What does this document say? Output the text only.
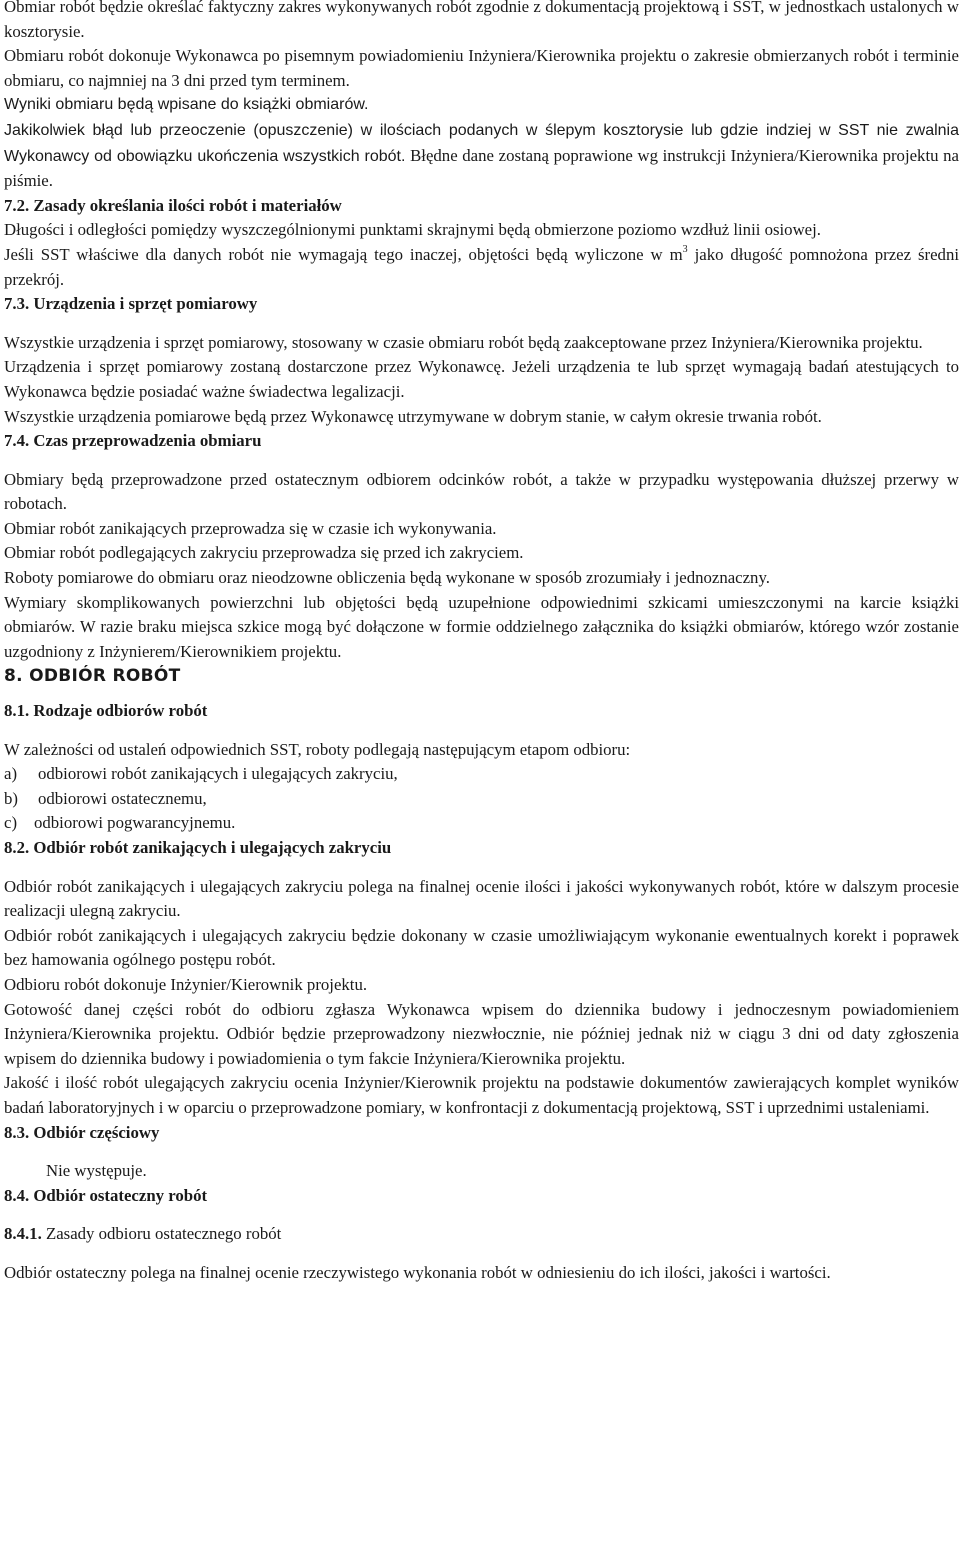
Obmiar robót będzie określać faktyczny zakres wykonywanych robót zgodnie z dokumentacją projektową i SST, w jednostkach ustalonych w kosztorysie.

Obmiaru robót dokonuje Wykonawca po pisemnym powiadomieniu Inżyniera/Kierownika projektu o zakresie obmierzanych robót i terminie obmiaru, co najmniej na 3 dni przed tym terminem.

Wyniki obmiaru będą wpisane do książki obmiarów.

Jakikolwiek błąd lub przeoczenie (opuszczenie) w ilościach podanych w ślepym kosztorysie lub gdzie indziej w SST nie zwalnia Wykonawcy od obowiązku ukończenia wszystkich robót. Błędne dane zostaną poprawione wg instrukcji Inżyniera/Kierownika projektu na piśmie.

7.2. Zasady określania ilości robót i materiałów

Długości i odległości pomiędzy wyszczególnionymi punktami skrajnymi będą obmierzone poziomo wzdłuż linii osiowej.

Jeśli SST właściwe dla danych robót nie wymagają tego inaczej, objętości będą wyliczone w $m^3$ jako długość pomnożona przez średni przekrój.

7.3. Urządzenia i sprzęt pomiarowy

Wszystkie urządzenia i sprzęt pomiarowy, stosowany w czasie obmiaru robót będą zaakceptowane przez Inżyniera/Kierownika projektu.

Urządzenia i sprzęt pomiarowy zostaną dostarczone przez Wykonawcę. Jeżeli urządzenia te lub sprzęt wymagają badań atestujących to Wykonawca będzie posiadać ważne świadectwa legalizacji.

Wszystkie urządzenia pomiarowe będą przez Wykonawcę utrzymywane w dobrym stanie, w całym okresie trwania robót.

7.4. Czas przeprowadzenia obmiaru

Obmiary będą przeprowadzone przed ostatecznym odbiorem odcinków robót, a także w przypadku występowania dłuższej przerwy w robotach.

Obmiar robót zanikających przeprowadza się w czasie ich wykonywania.

Obmiar robót podlegających zakryciu przeprowadza się przed ich zakryciem.

Roboty pomiarowe do obmiaru oraz nieodzowne obliczenia będą wykonane w sposób zrozumiały i jednoznaczny.

Wymiary skomplikowanych powierzchni lub objętości będą uzupełnione odpowiednimi szkicami umieszczonymi na karcie książki obmiarów. W razie braku miejsca szkice mogą być dołączone w formie oddzielnego załącznika do książki obmiarów, którego wzór zostanie uzgodniony z Inżynierem/Kierownikiem projektu.

8. ODBIÓR ROBÓT

8.1. Rodzaje odbiorów robót

W zależności od ustaleń odpowiednich SST, roboty podlegają następującym etapom odbioru:

a) odbiorowi robót zanikających i ulegających zakryciu,

b) odbiorowi ostatecznemu,

c) odbiorowi pogwarancyjnemu.

8.2. Odbiór robót zanikających i ulegających zakryciu

Odbiór robót zanikających i ulegających zakryciu polega na finalnej ocenie ilości i jakości wykonywanych robót, które w dalszym procesie realizacji ulegną zakryciu.

Odbiór robót zanikających i ulegających zakryciu będzie dokonany w czasie umożliwiającym wykonanie ewentualnych korekt i poprawek bez hamowania ogólnego postępu robót.

Odbioru robót dokonuje Inżynier/Kierownik projektu.

Gotowość danej części robót do odbioru zgłasza Wykonawca wpisem do dziennika budowy i jednoczesnym powiadomieniem Inżyniera/Kierownika projektu. Odbiór będzie przeprowadzony niezwłocznie, nie później jednak niż w ciągu 3 dni od daty zgłoszenia wpisem do dziennika budowy i powiadomienia o tym fakcie Inżyniera/Kierownika projektu.

Jakość i ilość robót ulegających zakryciu ocenia Inżynier/Kierownik projektu na podstawie dokumentów zawierających komplet wyników badań laboratoryjnych i w oparciu o przeprowadzone pomiary, w konfrontacji z dokumentacją projektową, SST i uprzednimi ustaleniami.

8.3. Odbiór częściowy

Nie występuje.

8.4. Odbiór ostateczny robót

8.4.1. Zasady odbioru ostatecznego robót

Odbiór ostateczny polega na finalnej ocenie rzeczywistego wykonania robót w odniesieniu do ich ilości, jakości i wartości.
